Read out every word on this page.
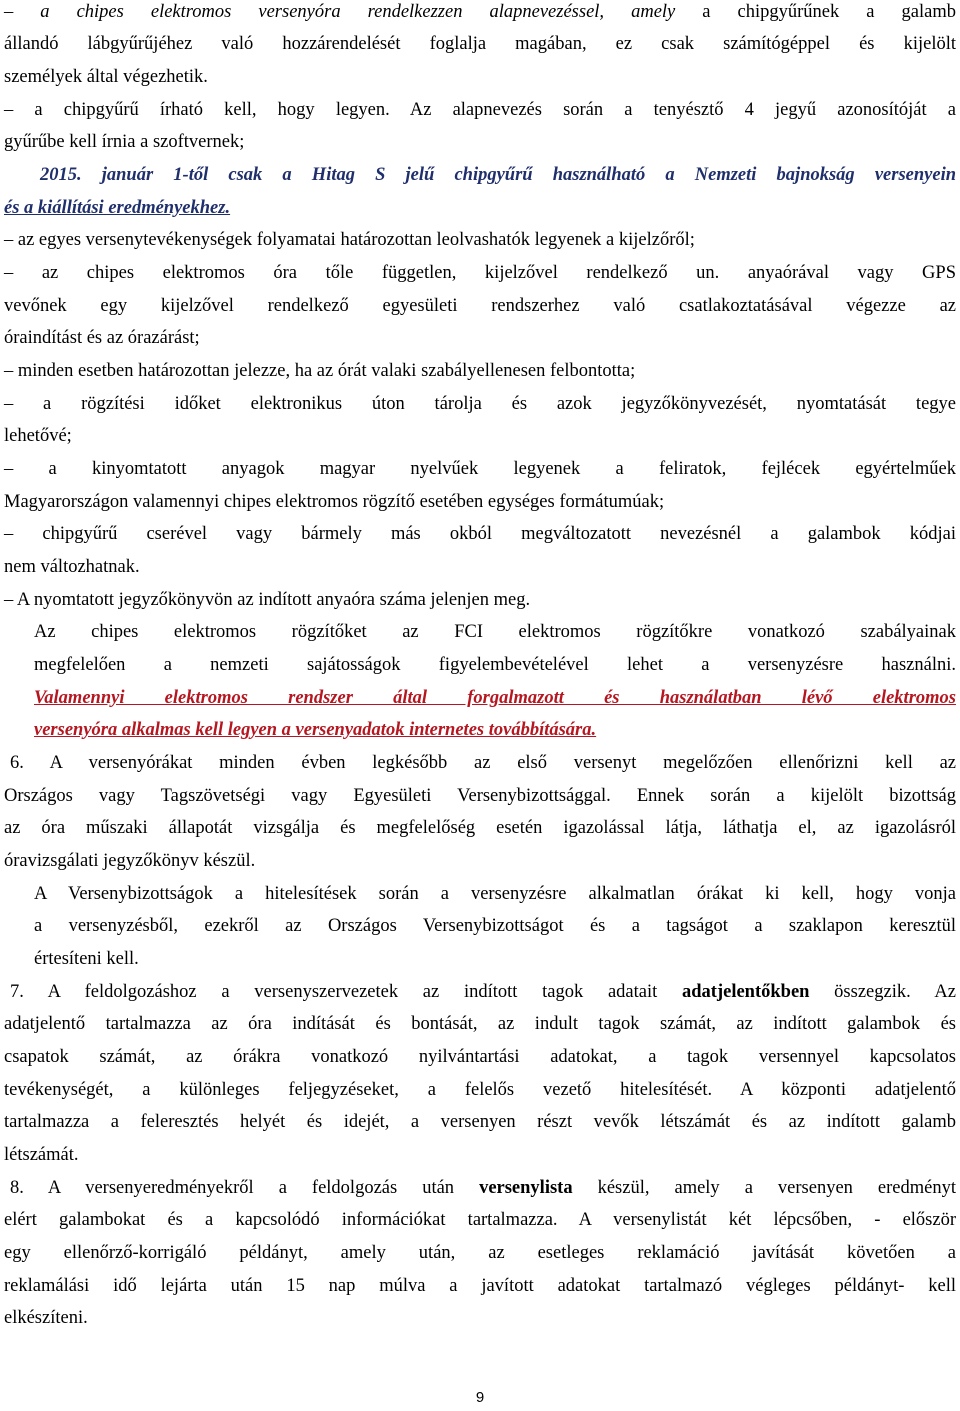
– a chipes elektromos versenyóra rendelkezzen alapnevezéssel, amely a chipgyűrűnek a galamb
állandó lábgyűrűjéhez való hozzárendelését foglalja magában, ez csak számítógéppel és kijelölt
személyek által végezhetik.
– a chipgyűrű írható kell, hogy legyen. Az alapnevezés során a tenyésztő 4 jegyű azonosítóját a
gyűrűbe kell írnia a szoftvernek;
2015. január 1-től csak a Hitag S jelű chipgyűrű használható a Nemzeti bajnokság versenyein
és a kiállítási eredményekhez.
– az egyes versenytevékenységek folyamatai határozottan leolvashatók legyenek a kijelzőről;
– az chipes elektromos óra tőle független, kijelzővel rendelkező un. anyaórával vagy GPS
vevőnek egy kijelzővel rendelkező egyesületi rendszerhez való csatlakoztatásával végezze az
óraindítást és az órazárást;
– minden esetben határozottan jelezze, ha az órát valaki szabályellenesen felbontotta;
– a rögzítési időket elektronikus úton tárolja és azok jegyzőkönyvezését, nyomtatását tegye
lehetővé;
– a kinyomtatott anyagok magyar nyelvűek legyenek a feliratok, fejlécek egyértelműek
Magyarországon valamennyi chipes elektromos rögzítő esetében egységes formátumúak;
– chipgyűrű cserével vagy bármely más okból megváltozatott nevezésnél a galambok kódjai
nem változhatnak.
– A nyomtatott jegyzőkönyvön az indított anyaóra száma jelenjen meg.
Az chipes elektromos rögzítőket az FCI elektromos rögzítőkre vonatkozó szabályainak
megfelelően a nemzeti sajátosságok figyelembevételével lehet a versenyzésre használni.
Valamennyi elektromos rendszer által forgalmazott és használatban lévő elektromos
versenyóra alkalmas kell legyen a versenyadatok internetes továbbítására.
6. A versenyórákat minden évben legkésőbb az első versenyt megelőzően ellenőrizni kell az
Országos vagy Tagszövetségi vagy Egyesületi Versenybizottsággal. Ennek során a kijelölt bizottság
az óra műszaki állapotát vizsgálja és megfelelőség esetén igazolással látja, láthatja el, az igazolásról
óravizsgálati jegyzőkönyv készül.
A Versenybizottságok a hitelesítések során a versenyzésre alkalmatlan órákat ki kell, hogy vonja
a versenyzésből, ezekről az Országos Versenybizottságot és a tagságot a szaklapon keresztül
értesíteni kell.
7. A feldolgozáshoz a versenyszervezetek az indított tagok adatait adatjelentőkben összegzik. Az
adatjelentő tartalmazza az óra indítását és bontását, az indult tagok számát, az indított galambok és
csapatok számát, az órákra vonatkozó nyilvántartási adatokat, a tagok versennyel kapcsolatos
tevékenységét, a különleges feljegyzéseket, a felelős vezető hitelesítését. A központi adatjelentő
tartalmazza a feleresztés helyét és idejét, a versenyen részt vevők létszámát és az indított galamb
létszámát.
8. A versenyeredményekről a feldolgozás után versenylista készül, amely a versenyen eredményt
elért galambokat és a kapcsolódó információkat tartalmazza. A versenylistát két lépcsőben, - először
egy ellenőrző-korrigáló példányt, amely után, az esetleges reklamáció javítását követően a
reklamálási idő lejárta után 15 nap múlva a javított adatokat tartalmazó végleges példányt- kell
elkészíteni.
9
